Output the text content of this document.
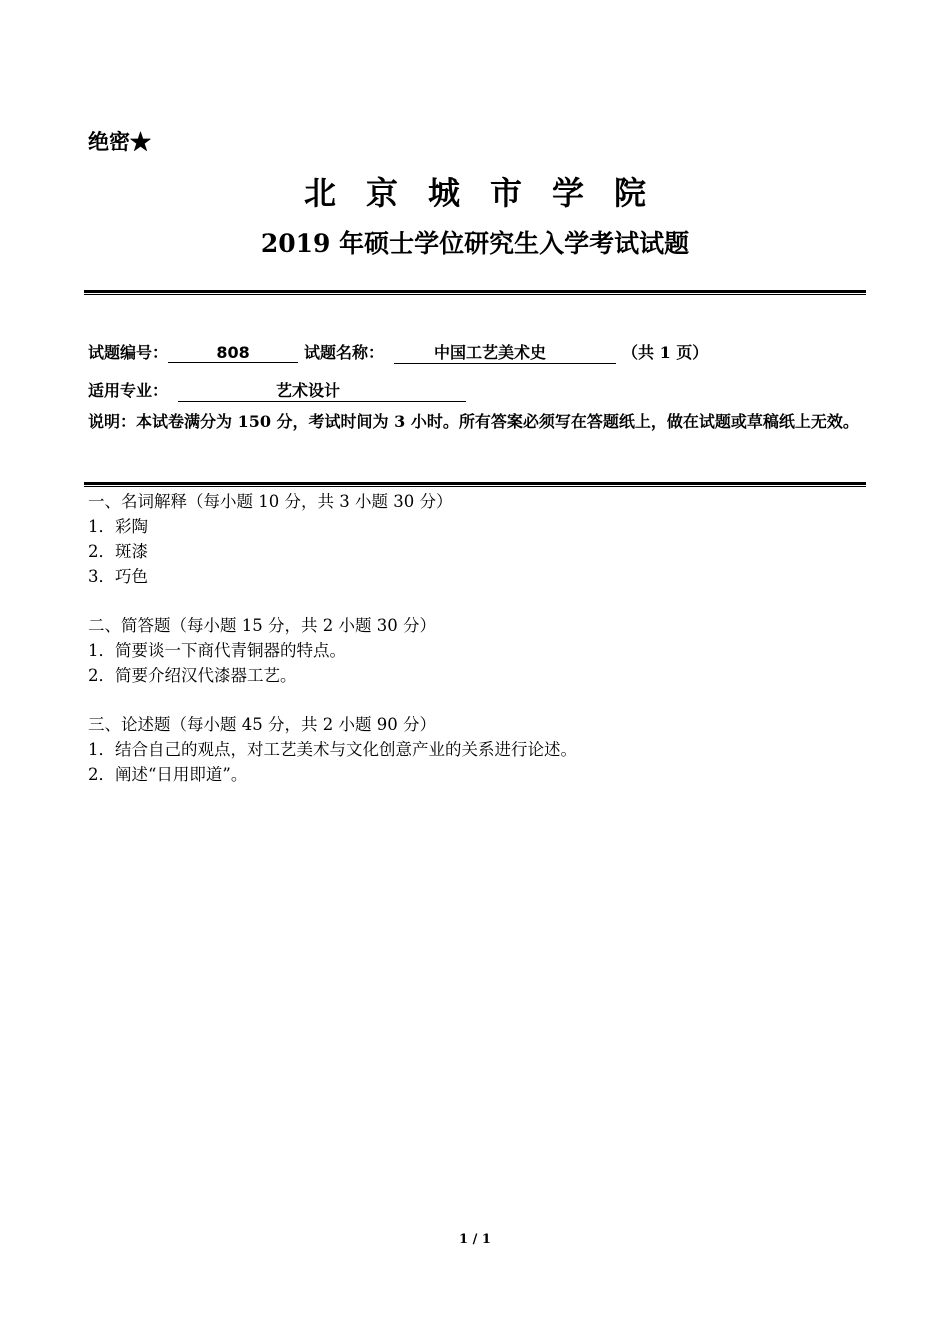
绝密★
北京城市学院
2019 年硕士学位研究生入学考试试题
试题编号：	808	试题名称：	中国工艺美术史	（共 1 页）
适用专业：	艺术设计
说明：本试卷满分为 150 分，考试时间为 3 小时。所有答案必须写在答题纸上，做在试题或草稿纸上无效。
一、名词解释（每小题 10 分，共 3 小题 30 分）
1．彩陶
2．斑漆
3．巧色
二、简答题（每小题 15 分，共 2 小题 30 分）
1．简要谈一下商代青铜器的特点。
2．简要介绍汉代漆器工艺。
三、论述题（每小题 45 分，共 2 小题 90 分）
1．结合自己的观点，对工艺美术与文化创意产业的关系进行论述。
2．阐述“日用即道”。
1 / 1
